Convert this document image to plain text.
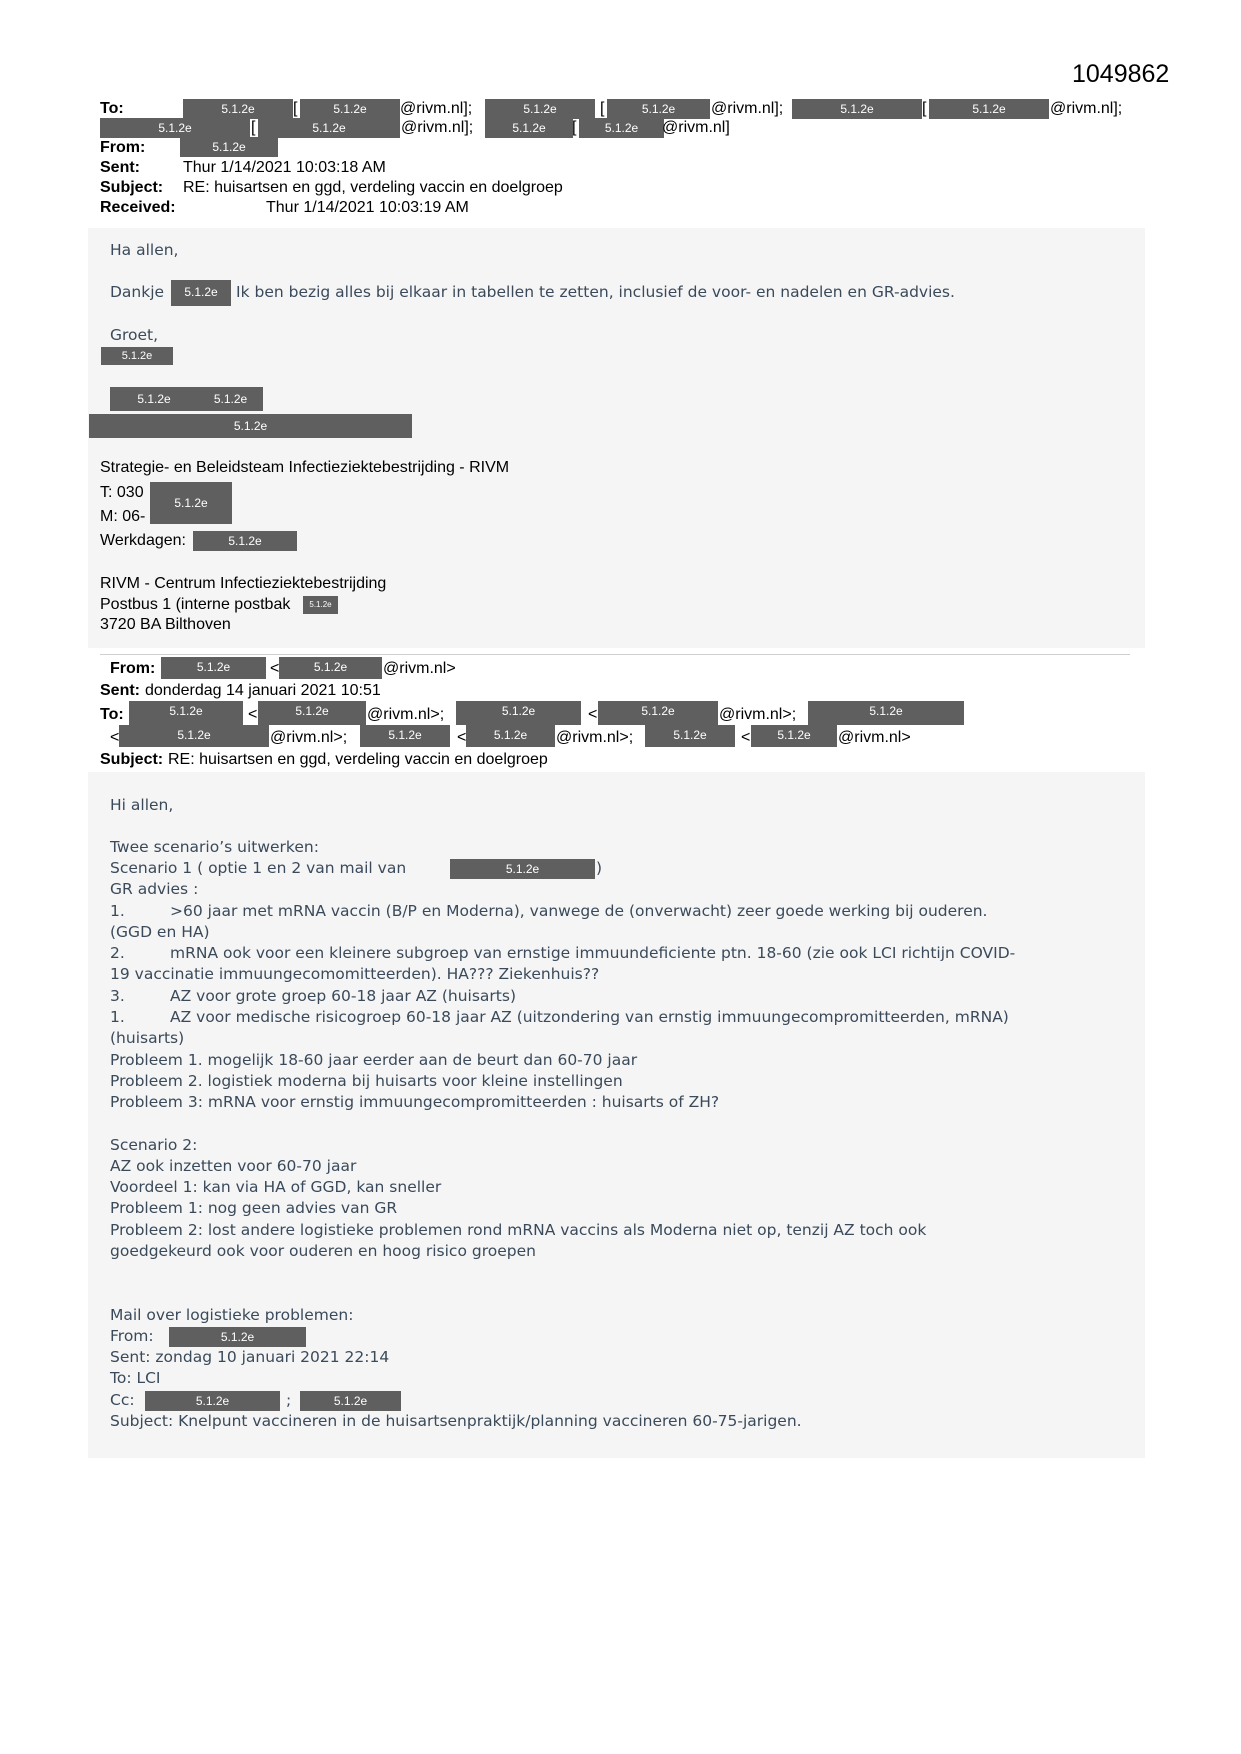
1049862
To:	5.1.2e	[	5.1.2e	@rivm.nl];	5.1.2e	[	5.1.2e	@rivm.nl];	5.1.2e	[	5.1.2e	@rivm.nl];
5.1.2e	[	5.1.2e	@rivm.nl];	5.1.2e	[	5.1.2e	@rivm.nl]
From:	5.1.2e
Sent:	Thur 1/14/2021 10:03:18 AM
Subject: RE: huisartsen en ggd, verdeling vaccin en doelgroep
Received:	Thur 1/14/2021 10:03:19 AM
Ha allen,
Dankje	5.1.2e	Ik ben bezig alles bij elkaar in tabellen te zetten, inclusief de voor- en nadelen en GR-advies.
Groet,
5.1.2e
5.1.2e	5.1.2e
5.1.2e
Strategie- en Beleidsteam Infectieziektebestrijding - RIVM
T: 030
M: 06-
5.1.2e
Werkdagen:	5.1.2e
RIVM - Centrum Infectieziektebestrijding
Postbus 1 (interne postbak	5.1.2e
3720 BA Bilthoven
From:	5.1.2e	<	5.1.2e	@rivm.nl>
Sent: donderdag 14 januari 2021 10:51
To:	5.1.2e	<	5.1.2e	@rivm.nl>;	5.1.2e	<	5.1.2e	@rivm.nl>;	5.1.2e
<	5.1.2e	@rivm.nl>;	5.1.2e	<	5.1.2e	@rivm.nl>;	5.1.2e	<	5.1.2e	@rivm.nl>
Subject: RE: huisartsen en ggd, verdeling vaccin en doelgroep
Hi allen,
Twee scenario’s uitwerken:
Scenario 1 ( optie 1 en 2 van mail van	5.1.2e	)
GR advies :
1.	>60 jaar met mRNA vaccin (B/P en Moderna), vanwege de (onverwacht) zeer goede werking bij ouderen.
(GGD en HA)
2.	mRNA ook voor een kleinere subgroep van ernstige immuundeficiente ptn. 18-60 (zie ook LCI richtijn COVID-
19 vaccinatie immuungecomomitteerden). HA??? Ziekenhuis??
3.	AZ voor grote groep 60-18 jaar AZ (huisarts)
1.	AZ voor medische risicogroep 60-18 jaar AZ (uitzondering van ernstig immuungecompromitteerden, mRNA)
(huisarts)
Probleem 1. mogelijk 18-60 jaar eerder aan de beurt dan 60-70 jaar
Probleem 2. logistiek moderna bij huisarts voor kleine instellingen
Probleem 3: mRNA voor ernstig immuungecompromitteerden : huisarts of ZH?
Scenario 2:
AZ ook inzetten voor 60-70 jaar
Voordeel 1: kan via HA of GGD, kan sneller
Probleem 1: nog geen advies van GR
Probleem 2: lost andere logistieke problemen rond mRNA vaccins als Moderna niet op, tenzij AZ toch ook
goedgekeurd ook voor ouderen en hoog risico groepen
Mail over logistieke problemen:
From:	5.1.2e
Sent: zondag 10 januari 2021 22:14
To: LCI
Cc:	5.1.2e	;	5.1.2e
Subject: Knelpunt vaccineren in de huisartsenpraktijk/planning vaccineren 60-75-jarigen.
